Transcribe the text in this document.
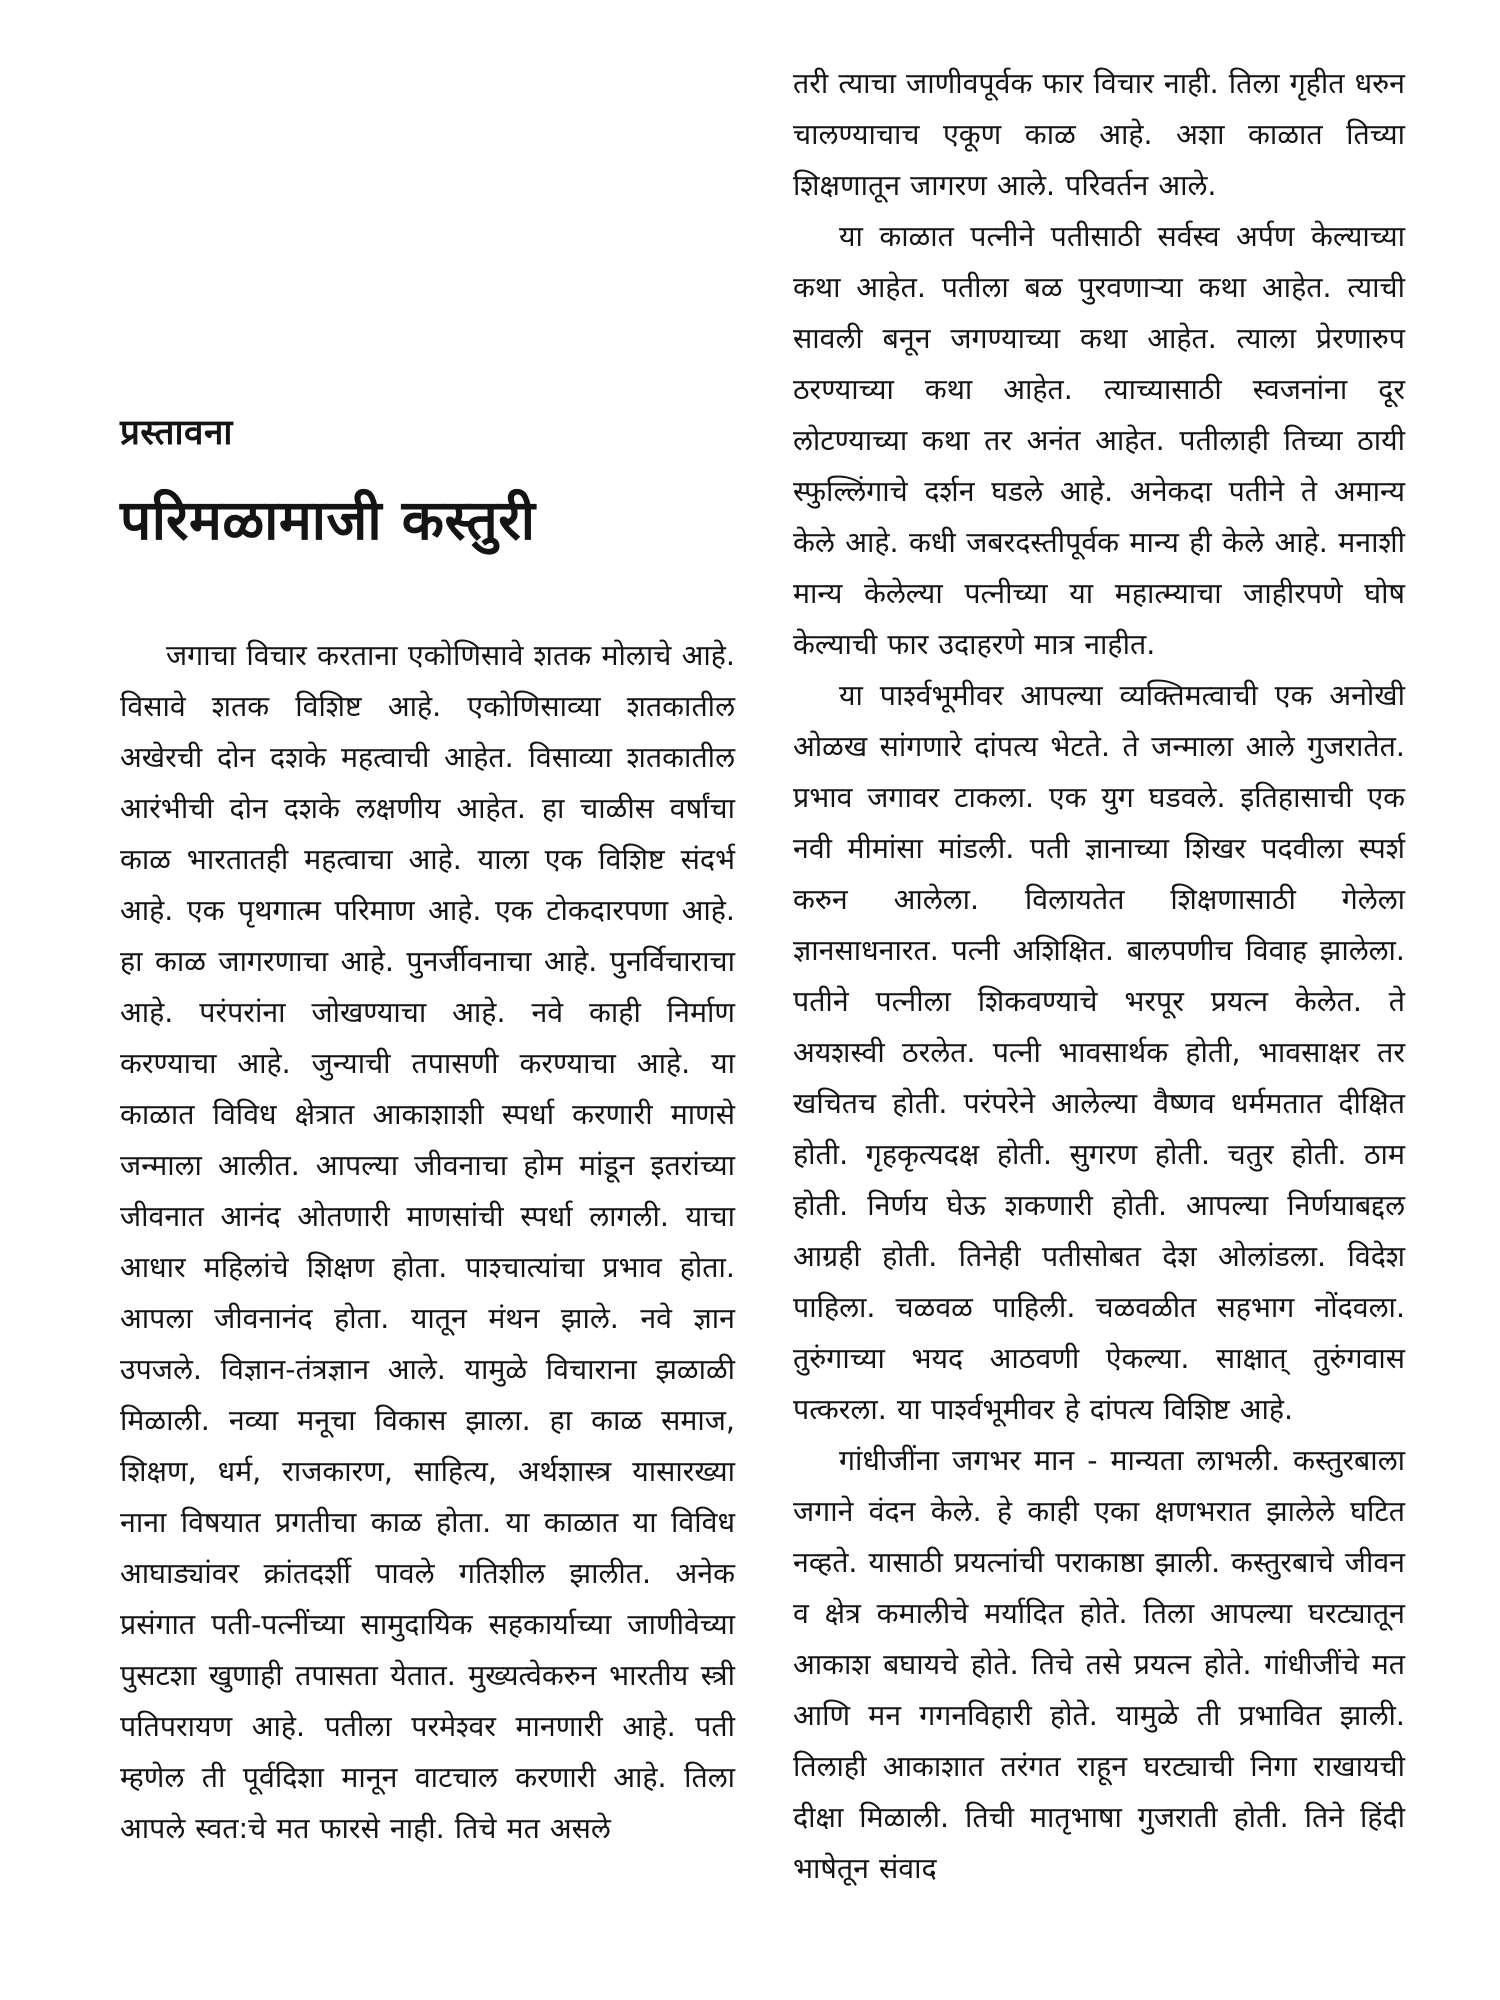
प्रस्तावना
परिमळामाजी कस्तुरी

जगाचा विचार करताना एकोणिसावे शतक मोलाचे आहे. विसावे शतक विशिष्ट आहे. एकोणिसाव्या शतकातील अखेरची दोन दशके महत्वाची आहेत. विसाव्या शतकातील आरंभीची दोन दशके लक्षणीय आहेत. हा चाळीस वर्षांचा काळ भारतातही महत्वाचा आहे. याला एक विशिष्ट संदर्भ आहे. एक पृथगात्म परिमाण आहे. एक टोकदारपणा आहे. हा काळ जागरणाचा आहे. पुनर्जीवनाचा आहे. पुनर्विचाराचा आहे. परंपरांना जोखण्याचा आहे. नवे काही निर्माण करण्याचा आहे. जुन्याची तपासणी करण्याचा आहे. या काळात विविध क्षेत्रात आकाशाशी स्पर्धा करणारी माणसे जन्माला आलीत. आपल्या जीवनाचा होम मांडून इतरांच्या जीवनात आनंद ओतणारी माणसांची स्पर्धा लागली. याचा आधार महिलांचे शिक्षण होता. पाश्चात्यांचा प्रभाव होता. आपला जीवनानंद होता. यातून मंथन झाले. नवे ज्ञान उपजले. विज्ञान-तंत्रज्ञान आले. यामुळे विचाराना झळाळी मिळाली. नव्या मनूचा विकास झाला. हा काळ समाज, शिक्षण, धर्म, राजकारण, साहित्य, अर्थशास्त्र यासारख्या नाना विषयात प्रगतीचा काळ होता. या काळात या विविध आघाड्यांवर क्रांतदर्शी पावले गतिशील झालीत. अनेक प्रसंगात पती-पत्नींच्या सामुदायिक सहकार्याच्या जाणीवेच्या पुसटशा खुणाही तपासता येतात. मुख्यत्वेकरुन भारतीय स्त्री पतिपरायण आहे. पतीला परमेश्वर मानणारी आहे. पती म्हणेल ती पूर्वदिशा मानून वाटचाल करणारी आहे. तिला आपले स्वत:चे मत फारसे नाही. तिचे मत असले

तरी त्याचा जाणीवपूर्वक फार विचार नाही. तिला गृहीत धरुन चालण्याचाच एकूण काळ आहे. अशा काळात तिच्या शिक्षणातून जागरण आले. परिवर्तन आले.

या काळात पत्नीने पतीसाठी सर्वस्व अर्पण केल्याच्या कथा आहेत. पतीला बळ पुरवणाऱ्या कथा आहेत. त्याची सावली बनून जगण्याच्या कथा आहेत. त्याला प्रेरणारुप ठरण्याच्या कथा आहेत. त्याच्यासाठी स्वजनांना दूर लोटण्याच्या कथा तर अनंत आहेत. पतीलाही तिच्या ठायी स्फुल्लिंगाचे दर्शन घडले आहे. अनेकदा पतीने ते अमान्य केले आहे. कधी जबरदस्तीपूर्वक मान्य ही केले आहे. मनाशी मान्य केलेल्या पत्नीच्या या महात्म्याचा जाहीरपणे घोष केल्याची फार उदाहरणे मात्र नाहीत.

या पार्श्वभूमीवर आपल्या व्यक्तिमत्वाची एक अनोखी ओळख सांगणारे दांपत्य भेटते. ते जन्माला आले गुजरातेत. प्रभाव जगावर टाकला. एक युग घडवले. इतिहासाची एक नवी मीमांसा मांडली. पती ज्ञानाच्या शिखर पदवीला स्पर्श करुन आलेला. विलायतेत शिक्षणासाठी गेलेला ज्ञानसाधनारत. पत्नी अशिक्षित. बालपणीच विवाह झालेला. पतीने पत्नीला शिकवण्याचे भरपूर प्रयत्न केलेत. ते अयशस्वी ठरलेत. पत्नी भावसार्थक होती, भावसाक्षर तर खचितच होती. परंपरेने आलेल्या वैष्णव धर्ममतात दीक्षित होती. गृहकृत्यदक्ष होती. सुगरण होती. चतुर होती. ठाम होती. निर्णय घेऊ शकणारी होती. आपल्या निर्णयाबद्दल आग्रही होती. तिनेही पतीसोबत देश ओलांडला. विदेश पाहिला. चळवळ पाहिली. चळवळीत सहभाग नोंदवला. तुरुंगाच्या भयद आठवणी ऐकल्या. साक्षात् तुरुंगवास पत्करला. या पार्श्वभूमीवर हे दांपत्य विशिष्ट आहे.

गांधीजींना जगभर मान - मान्यता लाभली. कस्तुरबाला जगाने वंदन केले. हे काही एका क्षणभरात झालेले घटित नव्हते. यासाठी प्रयत्नांची पराकाष्ठा झाली. कस्तुरबाचे जीवन व क्षेत्र कमालीचे मर्यादित होते. तिला आपल्या घरट्यातून आकाश बघायचे होते. तिचे तसे प्रयत्न होते. गांधीजींचे मत आणि मन गगनविहारी होते. यामुळे ती प्रभावित झाली. तिलाही आकाशात तरंगत राहून घरट्याची निगा राखायची दीक्षा मिळाली. तिची मातृभाषा गुजराती होती. तिने हिंदी भाषेतून संवाद
